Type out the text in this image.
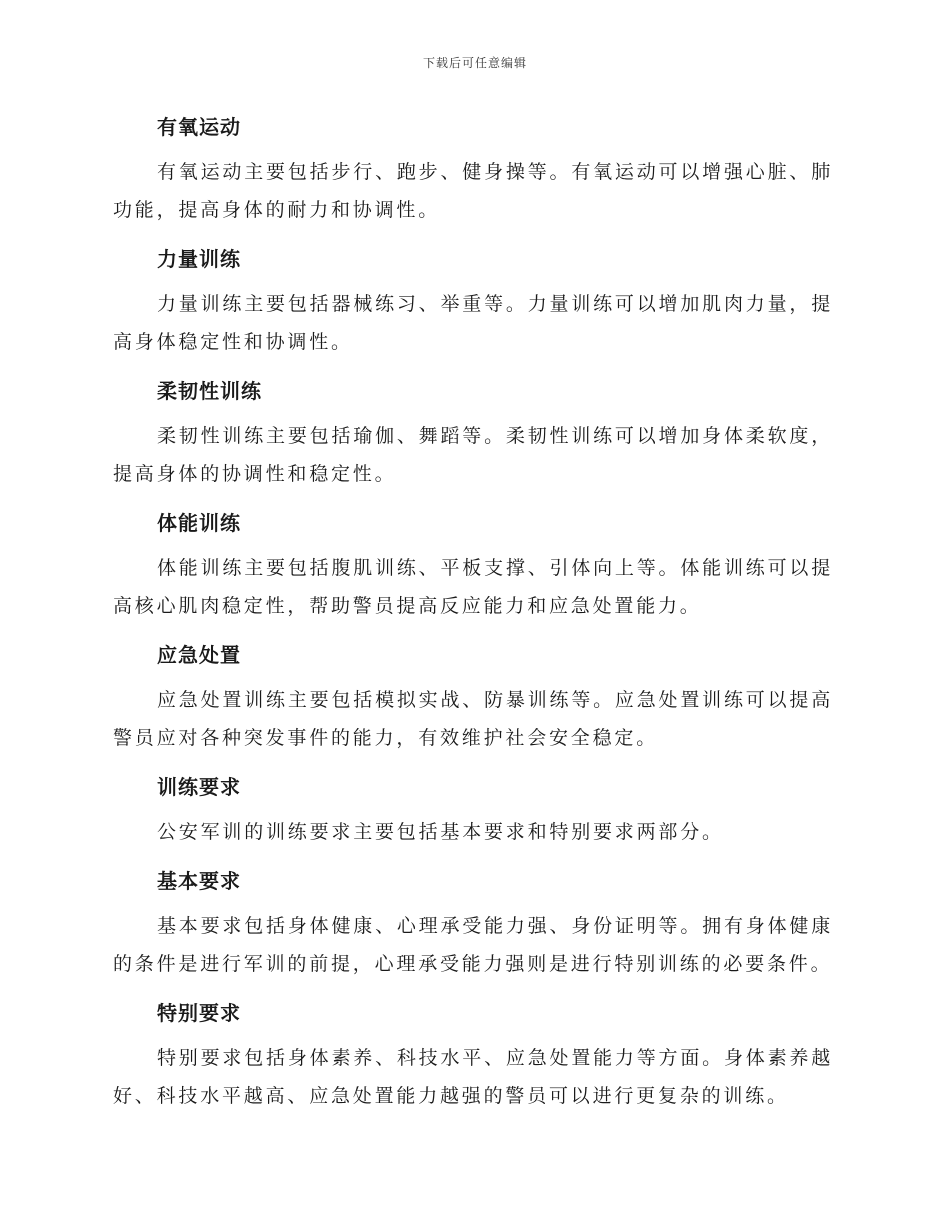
下载后可任意编辑
有氧运动
有氧运动主要包括步行、跑步、健身操等。有氧运动可以增强心脏、肺功能，提高身体的耐力和协调性。
力量训练
力量训练主要包括器械练习、举重等。力量训练可以增加肌肉力量，提高身体稳定性和协调性。
柔韧性训练
柔韧性训练主要包括瑜伽、舞蹈等。柔韧性训练可以增加身体柔软度，提高身体的协调性和稳定性。
体能训练
体能训练主要包括腹肌训练、平板支撑、引体向上等。体能训练可以提高核心肌肉稳定性，帮助警员提高反应能力和应急处置能力。
应急处置
应急处置训练主要包括模拟实战、防暴训练等。应急处置训练可以提高警员应对各种突发事件的能力，有效维护社会安全稳定。
训练要求
公安军训的训练要求主要包括基本要求和特别要求两部分。
基本要求
基本要求包括身体健康、心理承受能力强、身份证明等。拥有身体健康的条件是进行军训的前提，心理承受能力强则是进行特别训练的必要条件。
特别要求
特别要求包括身体素养、科技水平、应急处置能力等方面。身体素养越好、科技水平越高、应急处置能力越强的警员可以进行更复杂的训练。
